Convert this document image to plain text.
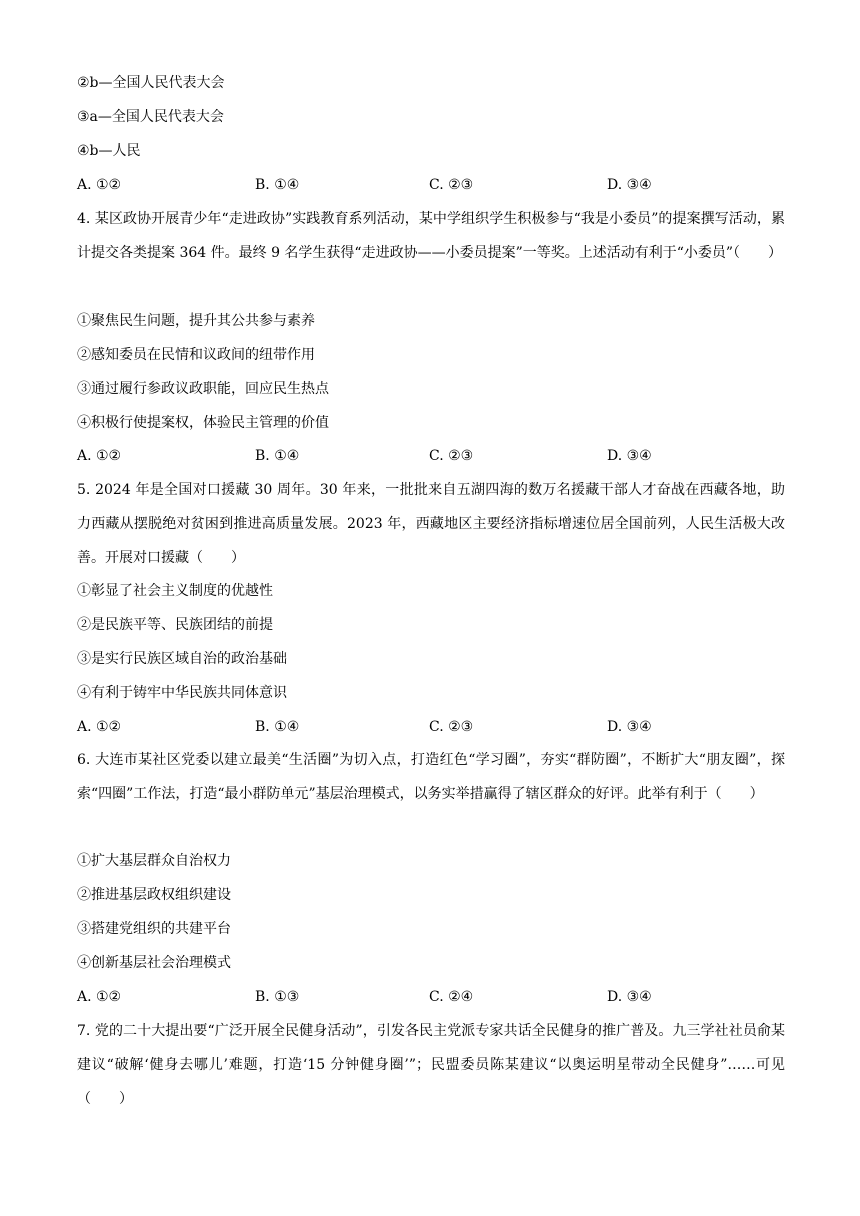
②b—全国人民代表大会
③a—全国人民代表大会
④b—人民
A. ①②	B. ①④	C. ②③	D. ③④
4. 某区政协开展青少年“走进政协”实践教育系列活动，某中学组织学生积极参与“我是小委员”的提案撰写活动，累计提交各类提案 364 件。最终 9 名学生获得“走进政协——小委员提案”一等奖。上述活动有利于“小委员”（　　）
①聚焦民生问题，提升其公共参与素养
②感知委员在民情和议政间的纽带作用
③通过履行参政议政职能，回应民生热点
④积极行使提案权，体验民主管理的价值
A. ①②	B. ①④	C. ②③	D. ③④
5. 2024 年是全国对口援藏 30 周年。30 年来，一批批来自五湖四海的数万名援藏干部人才奋战在西藏各地，助力西藏从摆脱绝对贫困到推进高质量发展。2023 年，西藏地区主要经济指标增速位居全国前列，人民生活极大改善。开展对口援藏（　　）
①彰显了社会主义制度的优越性
②是民族平等、民族团结的前提
③是实行民族区域自治的政治基础
④有利于铸牢中华民族共同体意识
A. ①②	B. ①④	C. ②③	D. ③④
6. 大连市某社区党委以建立最美“生活圈”为切入点，打造红色“学习圈”，夯实“群防圈”，不断扩大“朋友圈”，探索“四圈”工作法，打造“最小群防单元”基层治理模式，以务实举措赢得了辖区群众的好评。此举有利于（　　）
①扩大基层群众自治权力
②推进基层政权组织建设
③搭建党组织的共建平台
④创新基层社会治理模式
A. ①②	B. ①③	C. ②④	D. ③④
7. 党的二十大提出要“广泛开展全民健身活动”，引发各民主党派专家共话全民健身的推广普及。九三学社社员俞某建议“破解‘健身去哪儿’难题，打造‘15 分钟健身圈’”；民盟委员陈某建议“以奥运明星带动全民健身”……可见（　　）
